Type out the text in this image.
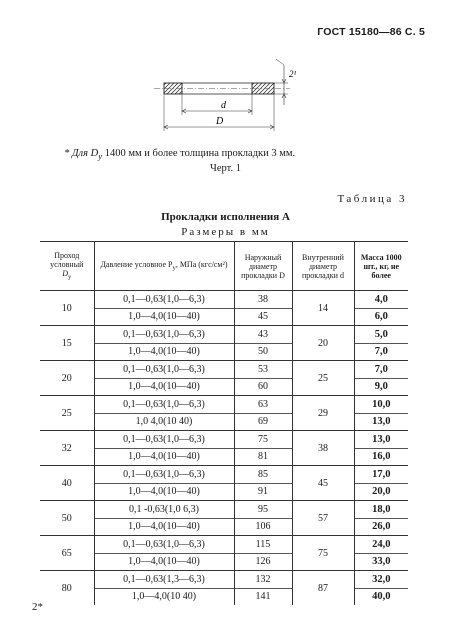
ГОСТ 15180—86 С. 5
2¹
d
D
* Для $D_у$ 1400 мм и более толщина прокладки 3 мм.
Черт. 1
Таблица 3
Прокладки исполнения А
Размеры в мм
Проход условный
$D_у$	Давление условное $P_у$, МПа (кгс/см²)	Наружный диаметр прокладки D	Внутренний диаметр прокладки d	Масса 1000 шт., кг, не более
10	0,1—0,63(1,0—6,3)	38	14	4,0
	1,0—4,0(10—40)	45		6,0
15	0,1—0,63(1,0—6,3)	43	20	5,0
	1,0—4,0(10—40)	50		7,0
20	0,1—0,63(1,0—6,3)	53	25	7,0
	1,0—4,0(10—40)	60		9,0
25	0,1—0,63(1,0—6,3)	63	29	10,0
	1,0 4,0(10 40)	69		13,0
32	0,1—0,63(1,0—6,3)	75	38	13,0
	1,0—4,0(10—40)	81		16,0
40	0,1—0,63(1,0—6,3)	85	45	17,0
	1,0—4,0(10—40)	91		20,0
50	0,1 -0,63(1,0 6,3)	95	57	18,0
	1,0—4,0(10—40)	106		26,0
65	0,1—0,63(1,0—6,3)	115	75	24,0
	1,0—4,0(10—40)	126		33,0
80	0,1—0,63(1,3—6,3)	132	87	32,0
	1,0—4,0(10 40)	141		40,0
2*
